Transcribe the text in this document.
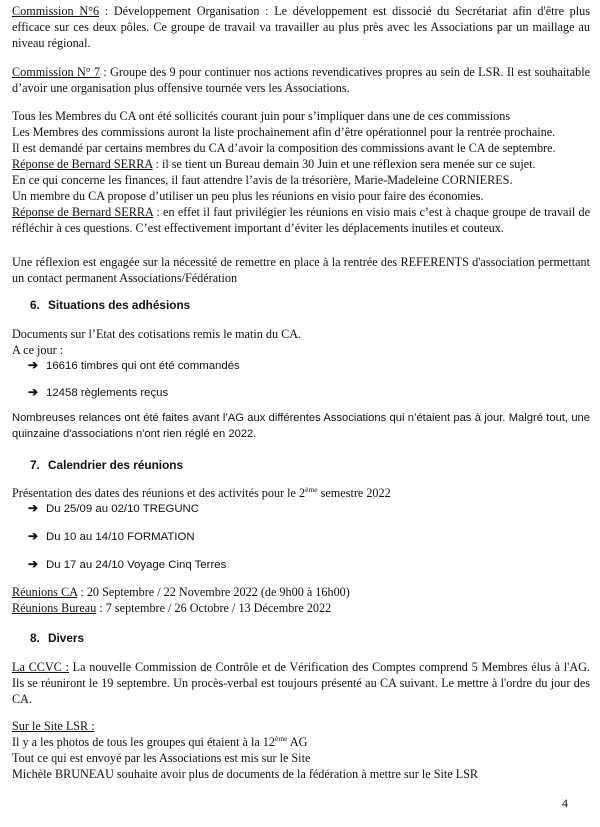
Commission N°6 : Développement Organisation : Le développement est dissocié du Secrétariat afin d'être plus efficace sur ces deux pôles. Ce groupe de travail va travailler au plus près avec les Associations par un maillage au niveau régional.
Commission N° 7 : Groupe des 9 pour continuer nos actions revendicatives propres au sein de LSR. Il est souhaitable d’avoir une organisation plus offensive tournée vers les Associations.
Tous les Membres du CA ont été sollicités courant juin pour s’impliquer dans une de ces commissions
Les Membres des commissions auront la liste prochainement afin d’être opérationnel pour la rentrée prochaine.
Il est demandé par certains membres du CA d’avoir la composition des commissions avant le CA de septembre.
Réponse de Bernard SERRA : il se tient un Bureau demain 30 Juin et une réflexion sera menée sur ce sujet.
En ce qui concerne les finances, il faut attendre l’avis de la trésorière, Marie-Madeleine CORNIERES.
Un membre du CA propose d’utiliser un peu plus les réunions en visio pour faire des économies.
Réponse de Bernard SERRA : en effet il faut privilégier les réunions en visio mais c’est à chaque groupe de travail de réfléchir à ces questions. C’est effectivement important d’éviter les déplacements inutiles et couteux.
Une réflexion est engagée sur la nécessité de remettre en place à la rentrée des REFERENTS d'association permettant un contact permanent Associations/Fédération
6. Situations des adhésions
Documents sur l’Etat des cotisations remis le matin du CA.
A ce jour :
➔ 16616 timbres qui ont été commandés
➔ 12458 règlements reçus
Nombreuses relances ont été faites avant l’AG aux différentes Associations qui n’étaient pas à jour. Malgré tout, une quinzaine d'associations n'ont rien réglé en 2022.
7. Calendrier des réunions
Présentation des dates des réunions et des activités pour le 2ème semestre 2022
➔ Du 25/09 au 02/10 TREGUNC
➔ Du 10 au 14/10 FORMATION
➔ Du 17 au 24/10 Voyage Cinq Terres
Réunions CA : 20 Septembre / 22 Novembre 2022 (de 9h00 à 16h00)
Réunions Bureau : 7 septembre / 26 Octobre / 13 Décembre 2022
8. Divers
La CCVC : La nouvelle Commission de Contrôle et de Vérification des Comptes comprend 5 Membres élus à l'AG. Ils se réuniront le 19 septembre. Un procès-verbal est toujours présenté au CA suivant. Le mettre à l'ordre du jour des CA.
Sur le Site LSR :
Il y a les photos de tous les groupes qui étaient à la 12ème AG
Tout ce qui est envoyé par les Associations est mis sur le Site
Michèle BRUNEAU souhaite avoir plus de documents de la fédération à mettre sur le Site LSR
4
